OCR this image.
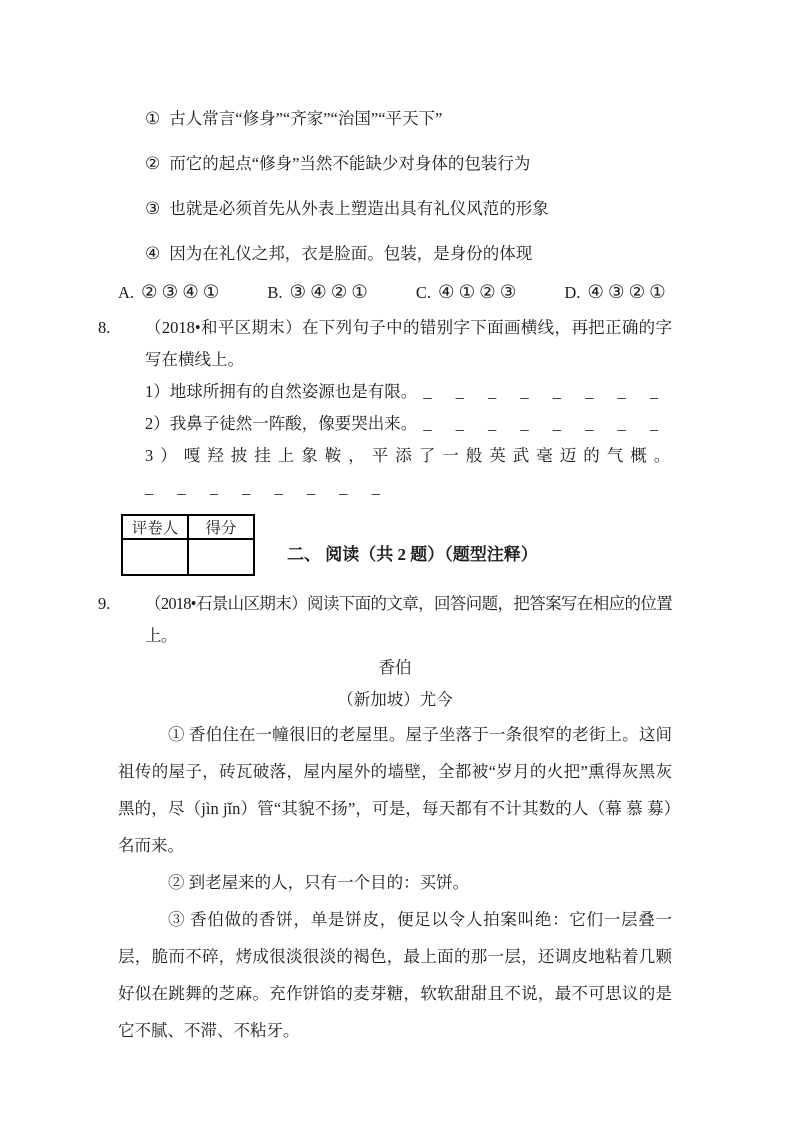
① 古人常言“修身”“齐家”“治国”“平天下”
② 而它的起点“修身”当然不能缺少对身体的包装行为
③ 也就是必须首先从外表上塑造出具有礼仪风范的形象
④ 因为在礼仪之邦，衣是脸面。包装，是身份的体现
A. ②③④①	B. ③④②①	C. ④①②③	D. ④③②①
8. （2018•和平区期末）在下列句子中的错别字下面画横线，再把正确的字写在横线上。
1）地球所拥有的自然姿源也是有限。 _ _ _ _ _ _ _ _
2）我鼻子徒然一阵酸，像要哭出来。 _ _ _ _ _ _ _ _
3）嘎羟披挂上象鞍，平添了一般英武毫迈的气概。
_ _ _ _ _ _ _ _
评卷人	得分

二、 阅读（共 2 题）（题型注释）
9. （2018•石景山区期末）阅读下面的文章，回答问题，把答案写在相应的位置上。
香伯
（新加坡）尤今

① 香伯住在一幢很旧的老屋里。屋子坐落于一条很窄的老街上。这间祖传的屋子，砖瓦破落，屋内屋外的墙壁，全都被“岁月的火把”熏得灰黑灰黑的，尽（jìn jǐn）管“其貌不扬”，可是，每天都有不计其数的人（幕 慕 募）名而来。

② 到老屋来的人，只有一个目的：买饼。

③ 香伯做的香饼，单是饼皮，便足以令人拍案叫绝：它们一层叠一层，脆而不碎，烤成很淡很淡的褐色，最上面的那一层，还调皮地粘着几颗好似在跳舞的芝麻。充作饼馅的麦芽糖，软软甜甜且不说，最不可思议的是它不腻、不滞、不粘牙。
